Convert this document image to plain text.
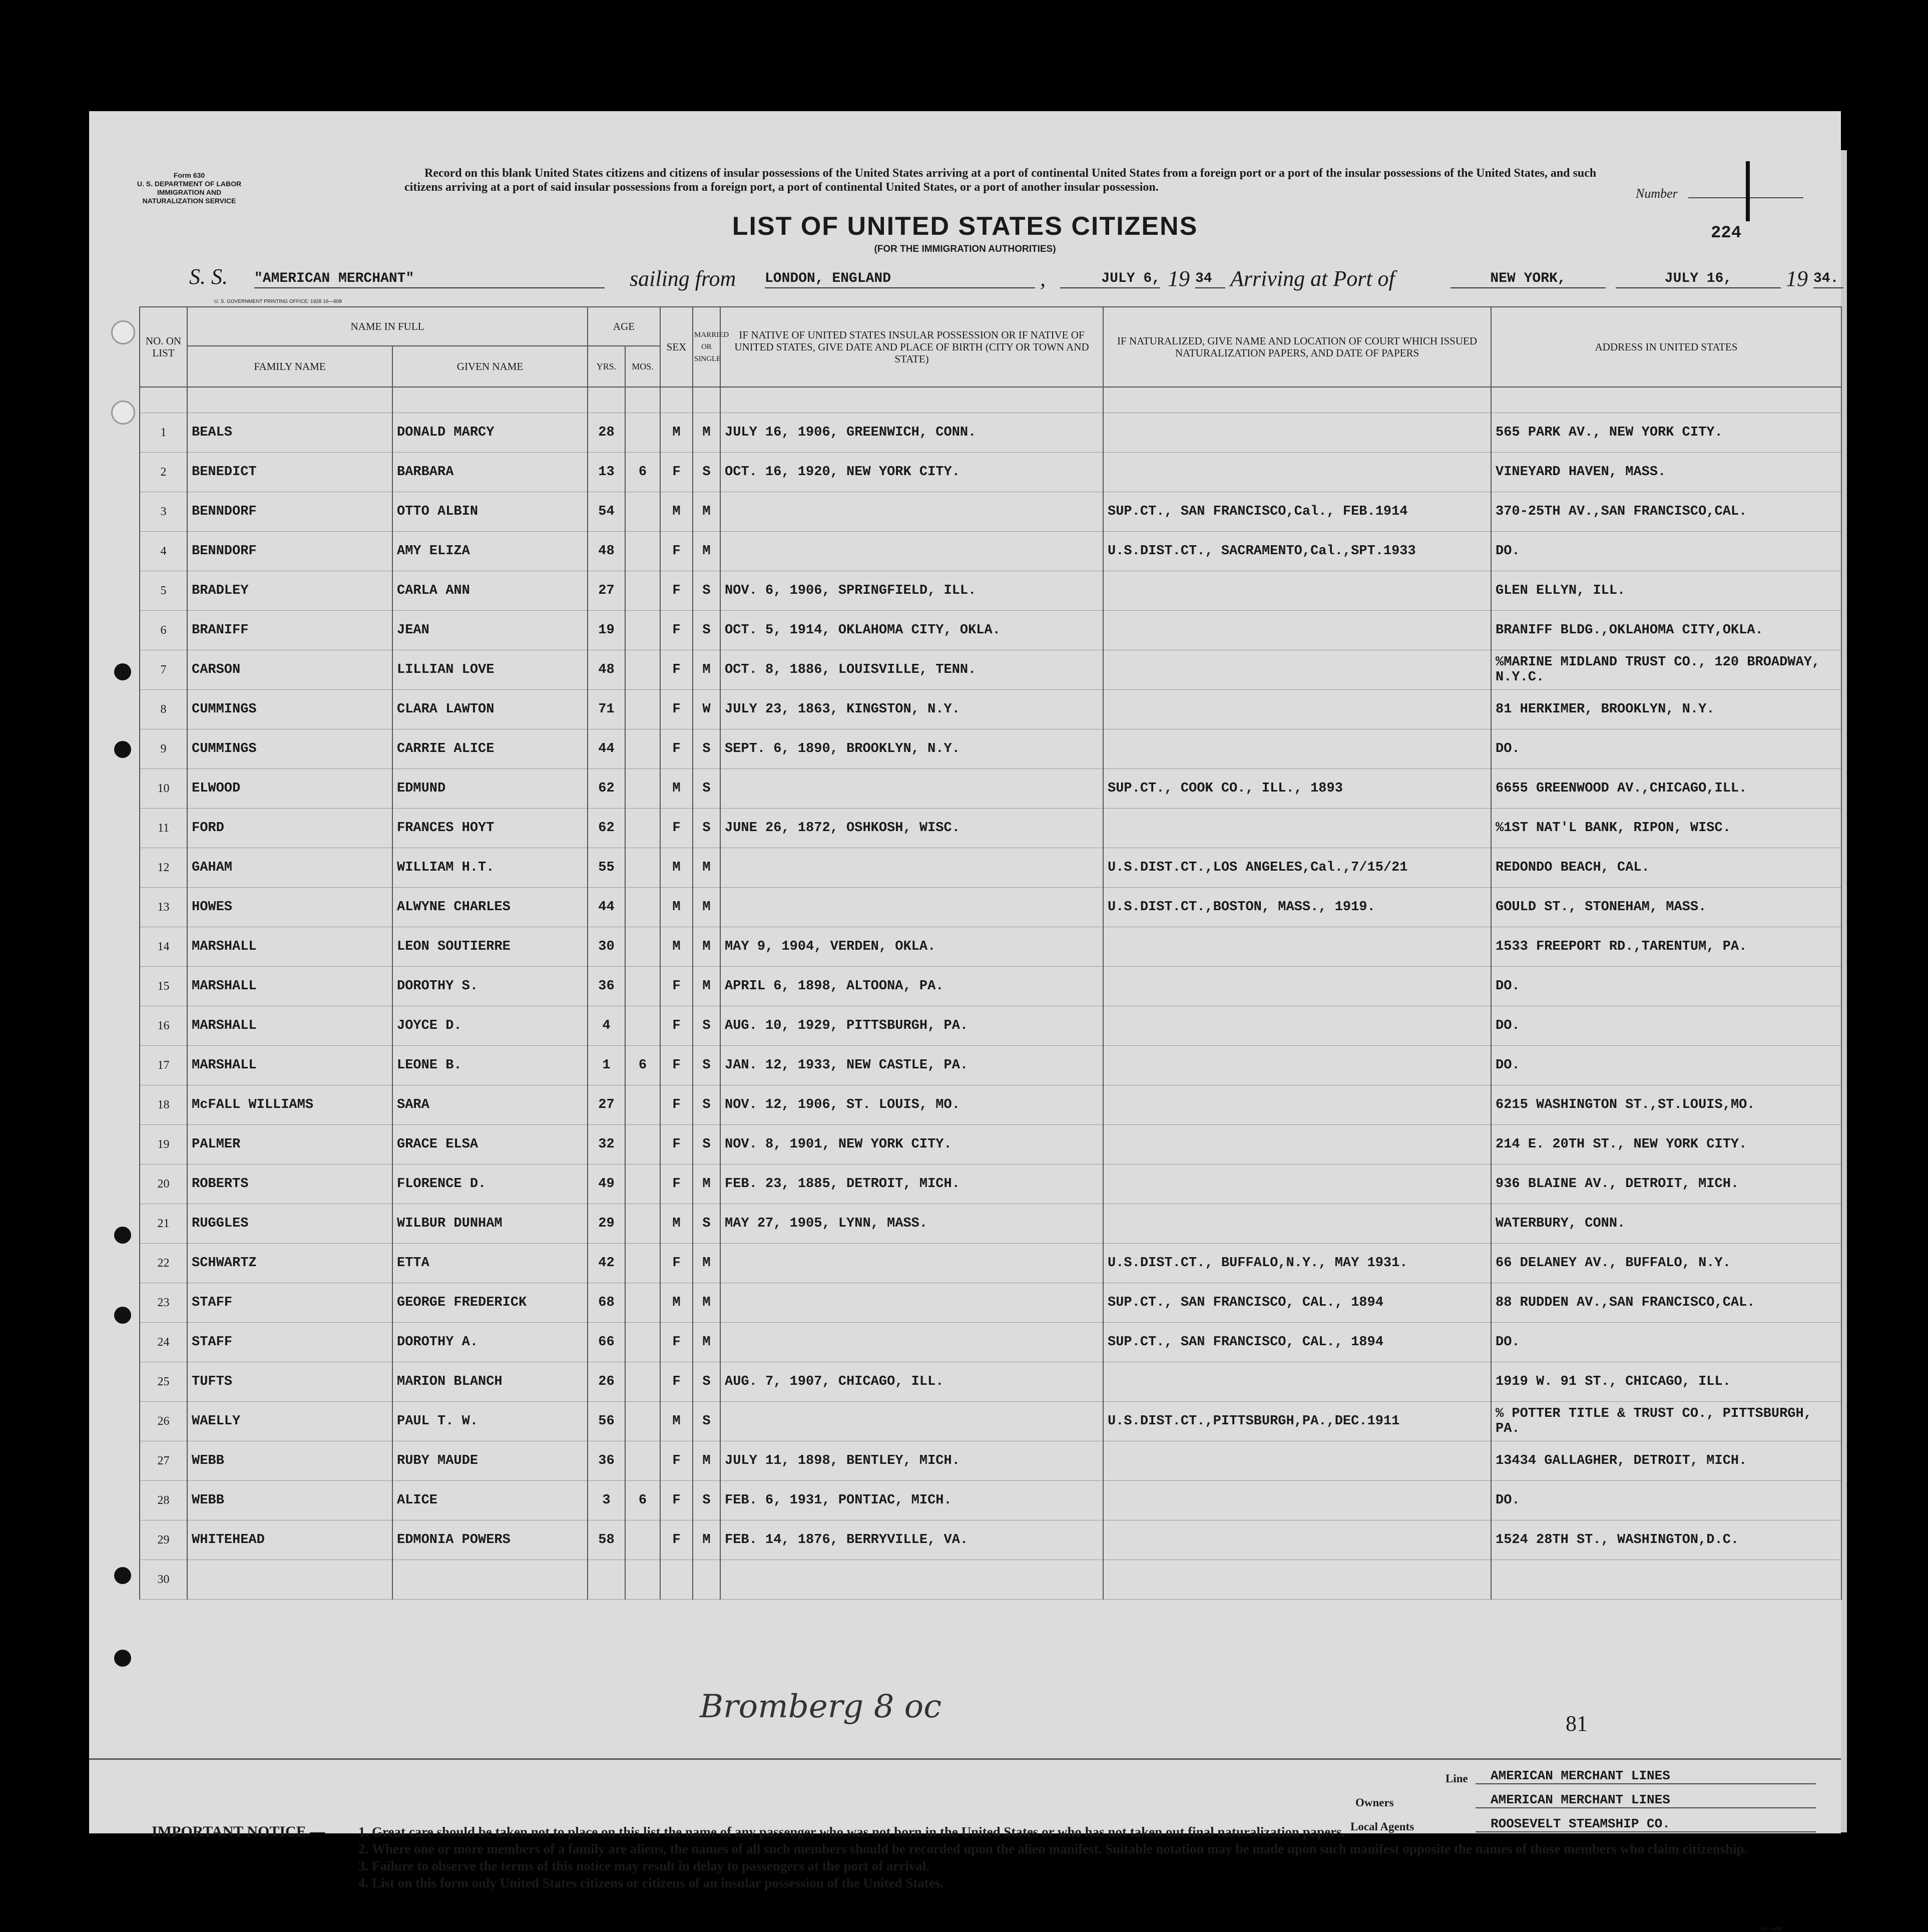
Form 630
U. S. DEPARTMENT OF LABOR
IMMIGRATION AND NATURALIZATION SERVICE
Record on this blank United States citizens and citizens of insular possessions of the United States arriving at a port of continental United States from a foreign port or a port of the insular possessions of the United States, and such citizens arriving at a port of said insular possessions from a foreign port, a port of continental United States, or a port of another insular possession.	Number
224
LIST OF UNITED STATES CITIZENS
(FOR THE IMMIGRATION AUTHORITIES)
S. S. "AMERICAN MERCHANT"	sailing from LONDON, ENGLAND	,	JULY 6, 19 34 Arriving at Port of	NEW YORK,	JULY 16,	19 34.
U. S. GOVERNMENT PRINTING OFFICE: 1928 16—608
NO. ON LIST	NAME IN FULL		AGE		SEX	MARRIED OR SINGLE	IF NATIVE OF UNITED STATES INSULAR POSSESSION OR IF NATIVE OF UNITED STATES, GIVE DATE AND PLACE OF BIRTH (CITY OR TOWN AND STATE)	IF NATURALIZED, GIVE NAME AND LOCATION OF COURT WHICH ISSUED NATURALIZATION PAPERS, AND DATE OF PAPERS	ADDRESS IN UNITED STATES
	FAMILY NAME	GIVEN NAME	YRS.	MOS.					

1	BEALS	DONALD MARCY	28		M	M	JULY 16, 1906, GREENWICH, CONN.		565 PARK AV., NEW YORK CITY.
2	BENEDICT	BARBARA	13	6	F	S	OCT. 16, 1920, NEW YORK CITY.		VINEYARD HAVEN, MASS.
3	BENNDORF	OTTO ALBIN	54		M	M		SUP.CT., SAN FRANCISCO,Cal., FEB.1914	370-25TH AV.,SAN FRANCISCO,CAL.
4	BENNDORF	AMY ELIZA	48		F	M		U.S.DIST.CT., SACRAMENTO,Cal.,SPT.1933	DO.
5	BRADLEY	CARLA ANN	27		F	S	NOV. 6, 1906, SPRINGFIELD, ILL.		GLEN ELLYN, ILL.
6	BRANIFF	JEAN	19		F	S	OCT. 5, 1914, OKLAHOMA CITY, OKLA.		BRANIFF BLDG.,OKLAHOMA CITY,OKLA.
7	CARSON	LILLIAN LOVE	48		F	M	OCT. 8, 1886, LOUISVILLE, TENN.		%MARINE MIDLAND TRUST CO., 120 BROADWAY, N.Y.C.
8	CUMMINGS	CLARA LAWTON	71		F	W	JULY 23, 1863, KINGSTON, N.Y.		81 HERKIMER, BROOKLYN, N.Y.
9	CUMMINGS	CARRIE ALICE	44		F	S	SEPT. 6, 1890, BROOKLYN, N.Y.		DO.
10	ELWOOD	EDMUND	62		M	S		SUP.CT., COOK CO., ILL., 1893	6655 GREENWOOD AV.,CHICAGO,ILL.
11	FORD	FRANCES HOYT	62		F	S	JUNE 26, 1872, OSHKOSH, WISC.		%1ST NAT'L BANK, RIPON, WISC.
12	GAHAM	WILLIAM H.T.	55		M	M		U.S.DIST.CT.,LOS ANGELES,Cal.,7/15/21	REDONDO BEACH, CAL.
13	HOWES	ALWYNE CHARLES	44		M	M		U.S.DIST.CT.,BOSTON, MASS., 1919.	GOULD ST., STONEHAM, MASS.
14	MARSHALL	LEON SOUTIERRE	30		M	M	MAY 9, 1904, VERDEN, OKLA.		1533 FREEPORT RD.,TARENTUM, PA.
15	MARSHALL	DOROTHY S.	36		F	M	APRIL 6, 1898, ALTOONA, PA.		DO.
16	MARSHALL	JOYCE D.	4		F	S	AUG. 10, 1929, PITTSBURGH, PA.		DO.
17	MARSHALL	LEONE B.	1	6	F	S	JAN. 12, 1933, NEW CASTLE, PA.		DO.
18	McFALL WILLIAMS	SARA	27		F	S	NOV. 12, 1906, ST. LOUIS, MO.		6215 WASHINGTON ST.,ST.LOUIS,MO.
19	PALMER	GRACE ELSA	32		F	S	NOV. 8, 1901, NEW YORK CITY.		214 E. 20TH ST., NEW YORK CITY.
20	ROBERTS	FLORENCE D.	49		F	M	FEB. 23, 1885, DETROIT, MICH.		936 BLAINE AV., DETROIT, MICH.
21	RUGGLES	WILBUR DUNHAM	29		M	S	MAY 27, 1905, LYNN, MASS.		WATERBURY, CONN.
22	SCHWARTZ	ETTA	42		F	M		U.S.DIST.CT., BUFFALO,N.Y., MAY 1931.	66 DELANEY AV., BUFFALO, N.Y.
23	STAFF	GEORGE FREDERICK	68		M	M		SUP.CT., SAN FRANCISCO, CAL., 1894	88 RUDDEN AV.,SAN FRANCISCO,CAL.
24	STAFF	DOROTHY A.	66		F	M		SUP.CT., SAN FRANCISCO, CAL., 1894	DO.
25	TUFTS	MARION BLANCH	26		F	S	AUG. 7, 1907, CHICAGO, ILL.		1919 W. 91 ST., CHICAGO, ILL.
26	WAELLY	PAUL T. W.	56		M	S		U.S.DIST.CT.,PITTSBURGH,PA.,DEC.1911	% POTTER TITLE & TRUST CO., PITTSBURGH, PA.
27	WEBB	RUBY MAUDE	36		F	M	JULY 11, 1898, BENTLEY, MICH.		13434 GALLAGHER, DETROIT, MICH.
28	WEBB	ALICE	3	6	F	S	FEB. 6, 1931, PONTIAC, MICH.		DO.
29	WHITEHEAD	EDMONIA POWERS	58		F	M	FEB. 14, 1876, BERRYVILLE, VA.		1524 28TH ST., WASHINGTON,D.C.
30									
Bromberg 8 oc	81
Line	AMERICAN MERCHANT LINES
Owners	AMERICAN MERCHANT LINES
Local Agents	ROOSEVELT STEAMSHIP CO.
IMPORTANT NOTICE.—	1. Great care should be taken not to place on this list the name of any passenger who was not born in the United States or who has not taken out final naturalization papers.
2. Where one or more members of a family are aliens, the names of all such members should be recorded upon the alien manifest. Suitable notation may be made upon such manifest opposite the names of those members who claim citizenship.
3. Failure to observe the terms of this notice may result in delay to passengers at the port of arrival.
4. List on this form only United States citizens or citizens of an insular possession of the United States.
16—608
